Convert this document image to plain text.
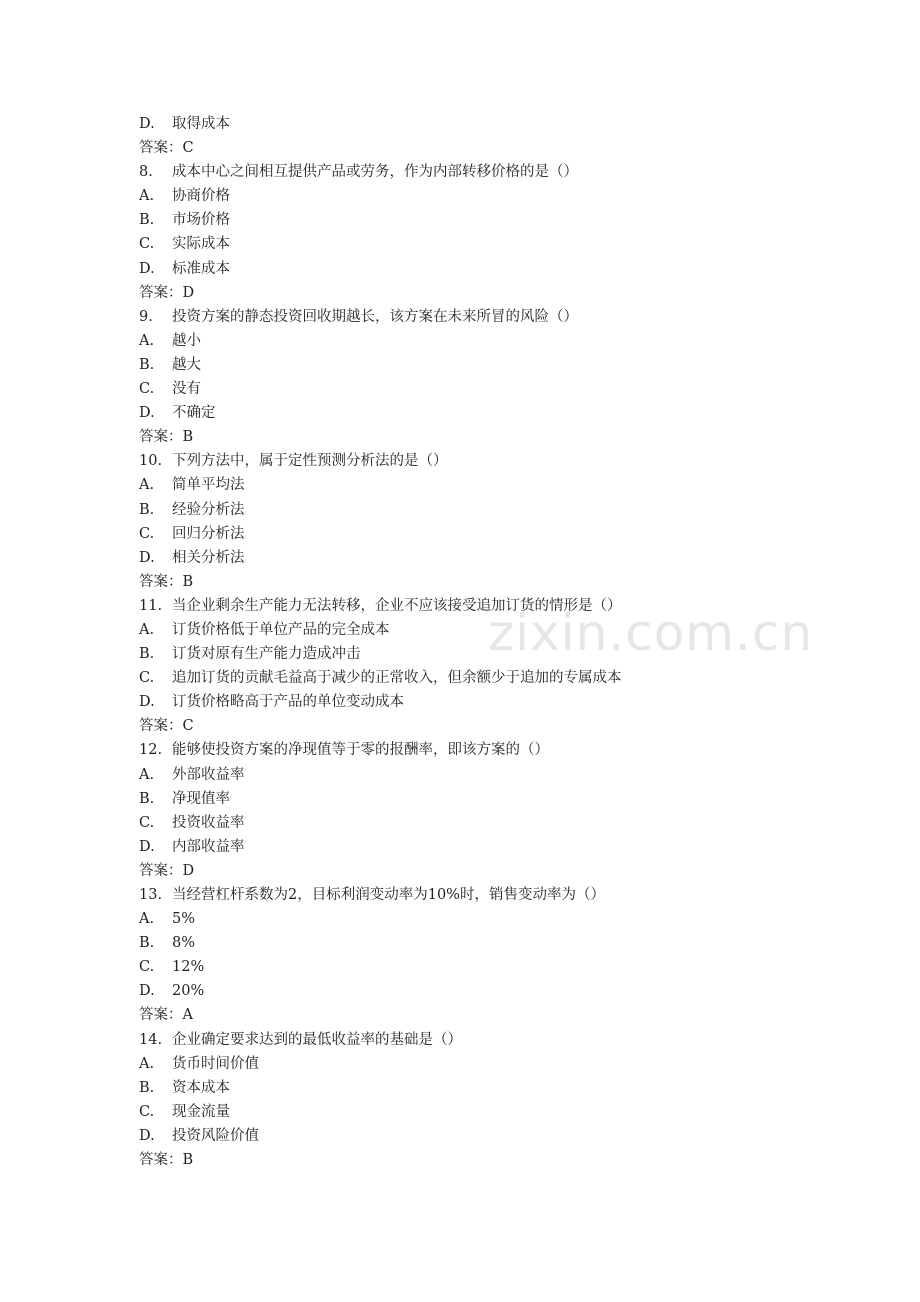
D. 取得成本
答案：C
8. 成本中心之间相互提供产品或劳务，作为内部转移价格的是（）
A. 协商价格
B. 市场价格
C. 实际成本
D. 标准成本
答案：D
9. 投资方案的静态投资回收期越长，该方案在未来所冒的风险（）
A. 越小
B. 越大
C. 没有
D. 不确定
答案：B
10. 下列方法中，属于定性预测分析法的是（）
A. 简单平均法
B. 经验分析法
C. 回归分析法
D. 相关分析法
答案：B
11. 当企业剩余生产能力无法转移，企业不应该接受追加订货的情形是（）
A. 订货价格低于单位产品的完全成本
B. 订货对原有生产能力造成冲击
C. 追加订货的贡献毛益高于减少的正常收入，但余额少于追加的专属成本
D. 订货价格略高于产品的单位变动成本
答案：C
12. 能够使投资方案的净现值等于零的报酬率，即该方案的（）
A. 外部收益率
B. 净现值率
C. 投资收益率
D. 内部收益率
答案：D
13. 当经营杠杆系数为2，目标利润变动率为10%时，销售变动率为（）
A. 5%
B. 8%
C. 12%
D. 20%
答案：A
14. 企业确定要求达到的最低收益率的基础是（）
A. 货币时间价值
B. 资本成本
C. 现金流量
D. 投资风险价值
答案：B
zixin.com.cn
